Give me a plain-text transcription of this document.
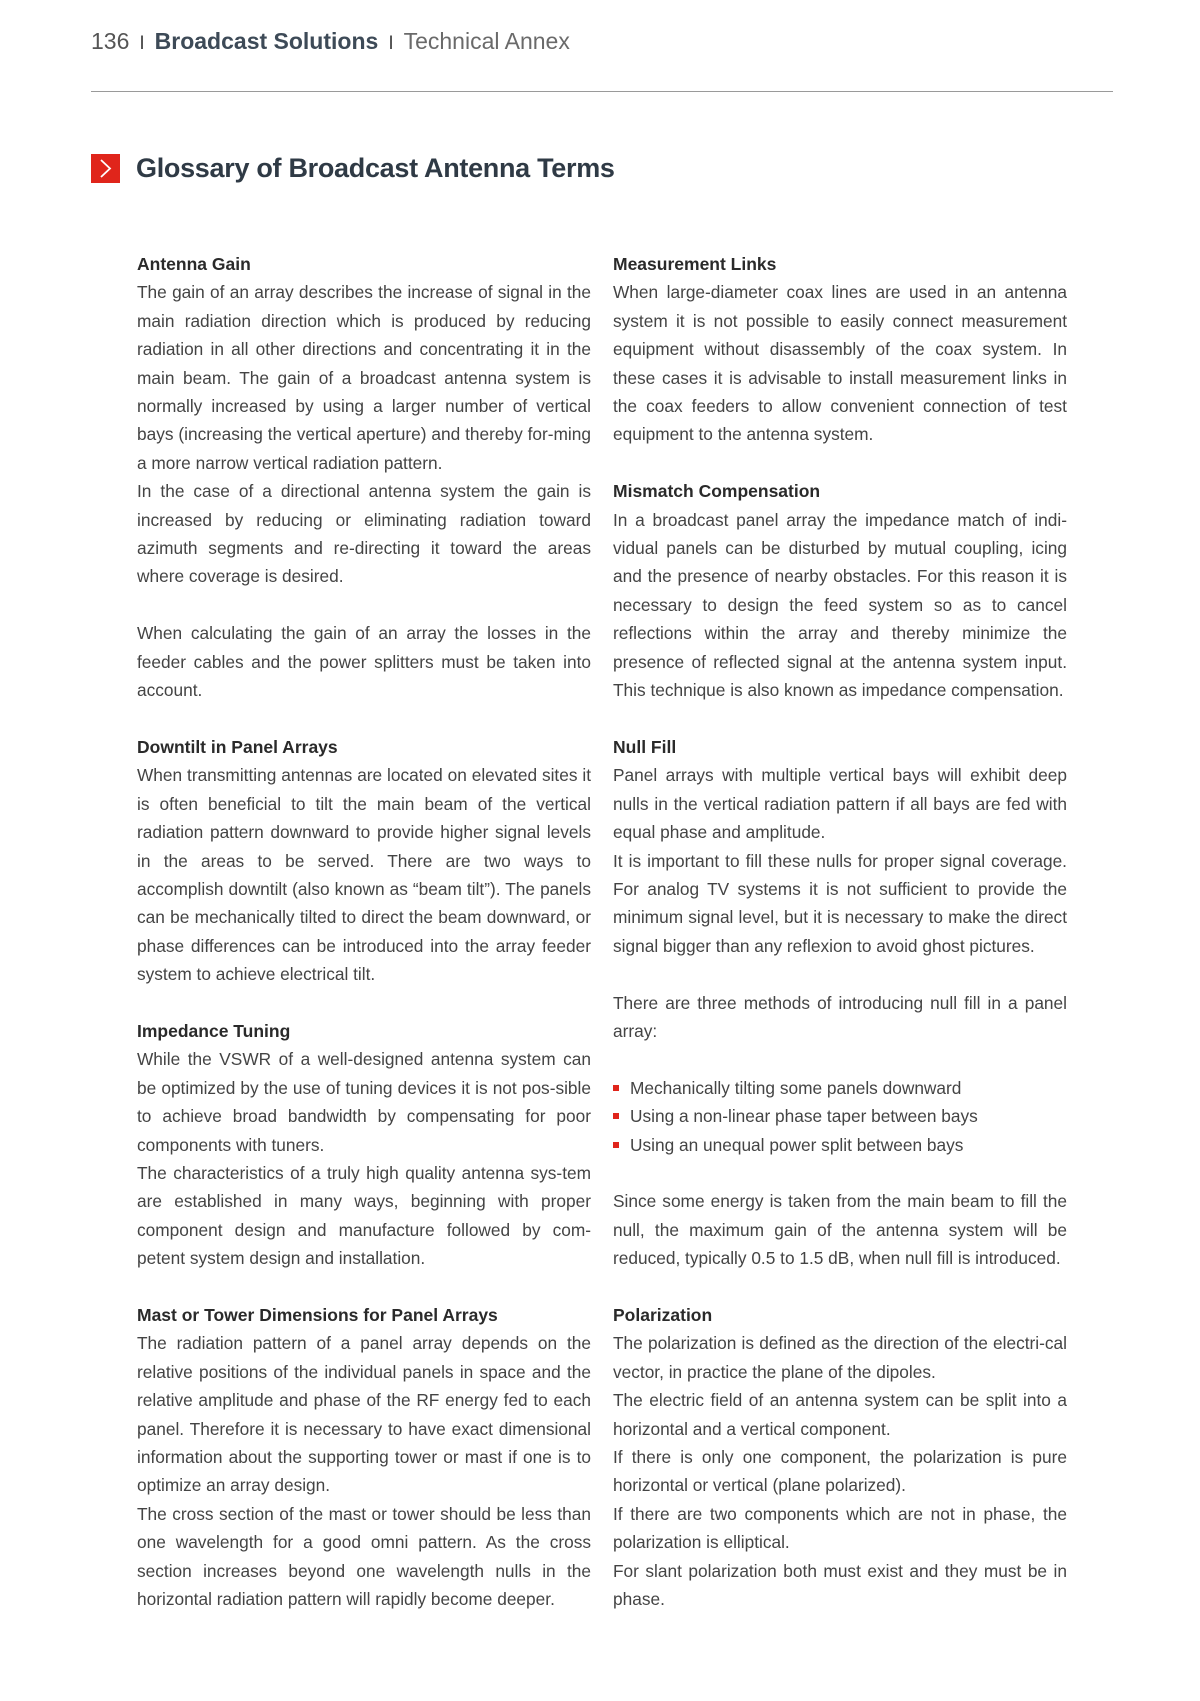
136 I Broadcast Solutions I Technical Annex
Glossary of Broadcast Antenna Terms
Antenna Gain

The gain of an array describes the increase of signal in the main radiation direction which is produced by reducing radiation in all other directions and concentrating it in the main beam. The gain of a broadcast antenna system is normally increased by using a larger number of vertical bays (increasing the vertical aperture) and thereby for-ming a more narrow vertical radiation pattern.

In the case of a directional antenna system the gain is increased by reducing or eliminating radiation toward azimuth segments and re-directing it toward the areas where coverage is desired.

When calculating the gain of an array the losses in the feeder cables and the power splitters must be taken into account.

Downtilt in Panel Arrays

When transmitting antennas are located on elevated sites it is often beneficial to tilt the main beam of the vertical radiation pattern downward to provide higher signal levels in the areas to be served. There are two ways to accomplish downtilt (also known as “beam tilt”). The panels can be mechanically tilted to direct the beam downward, or phase differences can be introduced into the array feeder system to achieve electrical tilt.

Impedance Tuning

While the VSWR of a well-designed antenna system can be optimized by the use of tuning devices it is not pos-sible to achieve broad bandwidth by compensating for poor components with tuners.

The characteristics of a truly high quality antenna sys-tem are established in many ways, beginning with proper component design and manufacture followed by com-petent system design and installation.

Mast or Tower Dimensions for Panel Arrays

The radiation pattern of a panel array depends on the relative positions of the individual panels in space and the relative amplitude and phase of the RF energy fed to each panel. Therefore it is necessary to have exact dimensional information about the supporting tower or mast if one is to optimize an array design.

The cross section of the mast or tower should be less than one wavelength for a good omni pattern. As the cross section increases beyond one wavelength nulls in the horizontal radiation pattern will rapidly become deeper.

Measurement Links

When large-diameter coax lines are used in an antenna system it is not possible to easily connect measurement equipment without disassembly of the coax system. In these cases it is advisable to install measurement links in the coax feeders to allow convenient connection of test equipment to the antenna system.

Mismatch Compensation

In a broadcast panel array the impedance match of indi-vidual panels can be disturbed by mutual coupling, icing and the presence of nearby obstacles. For this reason it is necessary to design the feed system so as to cancel reflections within the array and thereby minimize the presence of reflected signal at the antenna system input. This technique is also known as impedance compensation.

Null Fill

Panel arrays with multiple vertical bays will exhibit deep nulls in the vertical radiation pattern if all bays are fed with equal phase and amplitude.

It is important to fill these nulls for proper signal coverage. For analog TV systems it is not sufficient to provide the minimum signal level, but it is necessary to make the direct signal bigger than any reflexion to avoid ghost pictures.

There are three methods of introducing null fill in a panel array:

Mechanically tilting some panels downward
Using a non-linear phase taper between bays
Using an unequal power split between bays

Since some energy is taken from the main beam to fill the null, the maximum gain of the antenna system will be reduced, typically 0.5 to 1.5 dB, when null fill is introduced.

Polarization

The polarization is defined as the direction of the electri-cal vector, in practice the plane of the dipoles.

The electric field of an antenna system can be split into a horizontal and a vertical component.

If there is only one component, the polarization is pure horizontal or vertical (plane polarized).

If there are two components which are not in phase, the polarization is elliptical.

For slant polarization both must exist and they must be in phase.
